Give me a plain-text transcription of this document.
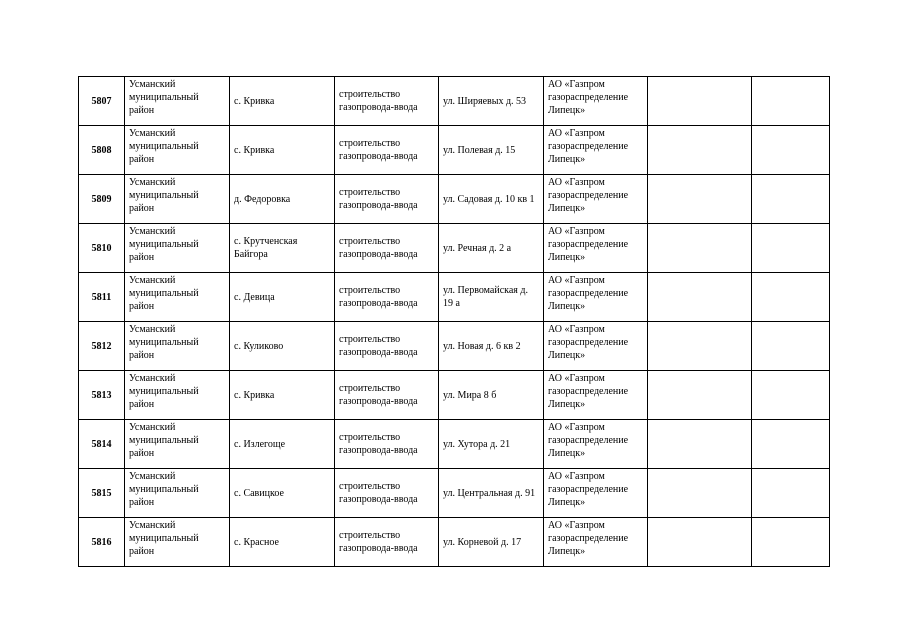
5807	Усманский муниципальный район	с. Кривка	строительство газопровода-ввода	ул. Ширяевых д. 53	АО «Газпром газораспределение Липецк»		
5808	Усманский муниципальный район	с. Кривка	строительство газопровода-ввода	ул. Полевая д. 15	АО «Газпром газораспределение Липецк»		
5809	Усманский муниципальный район	д. Федоровка	строительство газопровода-ввода	ул. Садовая д. 10 кв 1	АО «Газпром газораспределение Липецк»		
5810	Усманский муниципальный район	с. Крутченская Байгора	строительство газопровода-ввода	ул. Речная д. 2 а	АО «Газпром газораспределение Липецк»		
5811	Усманский муниципальный район	с. Девица	строительство газопровода-ввода	ул. Первомайская д. 19 а	АО «Газпром газораспределение Липецк»		
5812	Усманский муниципальный район	с. Куликово	строительство газопровода-ввода	ул. Новая д. 6 кв 2	АО «Газпром газораспределение Липецк»		
5813	Усманский муниципальный район	с. Кривка	строительство газопровода-ввода	ул. Мира 8 б	АО «Газпром газораспределение Липецк»		
5814	Усманский муниципальный район	с. Излегоще	строительство газопровода-ввода	ул. Хутора д. 21	АО «Газпром газораспределение Липецк»		
5815	Усманский муниципальный район	с. Савицкое	строительство газопровода-ввода	ул. Центральная д. 91	АО «Газпром газораспределение Липецк»		
5816	Усманский муниципальный район	с. Красное	строительство газопровода-ввода	ул. Корневой д. 17	АО «Газпром газораспределение Липецк»		
